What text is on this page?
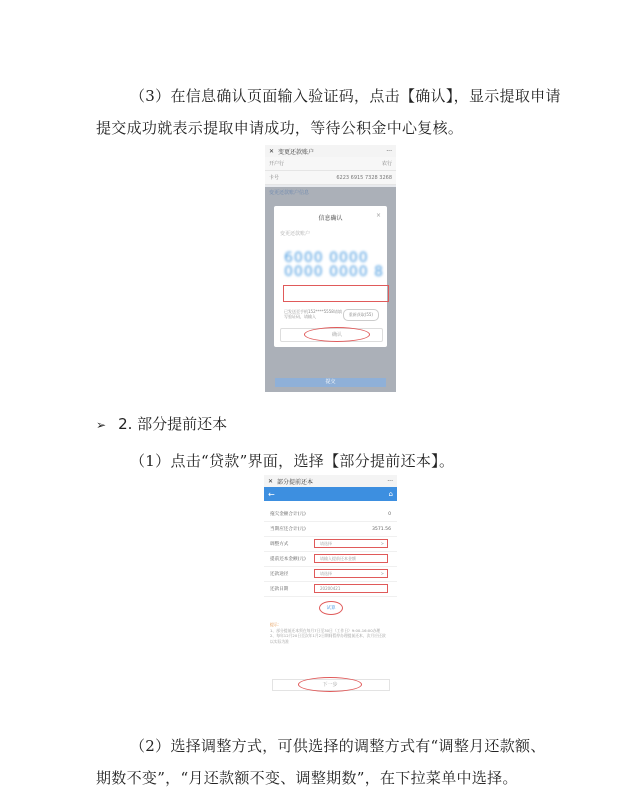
（3）在信息确认页面输入验证码，点击【确认】，显示提取申请
提交成功就表示提取申请成功，等待公积金中心复核。
✕ 变更还款账户	···
开户行	农行
卡号	6223 6915 7328 3268
信息确认	×
变更还款账户
6000 0000 0000 0000 8
已发送至手机152****5558请填写验证码，请输入	重新获取(55)
确认
提交
➢ 2. 部分提前还本
（1）点击“贷款”界面，选择【部分提前还本】。
✕ 部分提前还本	···
←	⌂
拖欠金额合计(元)	0
当期应还合计(元)	3571.56
调整方式	请选择	>
提前还本金额(元)	请输入提前还本金额
还款途径	请选择	>
还款日期	20200421
试算
提示：
1、部分提前还本须在每月7日至30日（工作日）9:00-16:00办理
2、每年12月20日至次年1月2日期间暂停办理提前还本，次月应还款以实际为准
下一步
（2）选择调整方式，可供选择的调整方式有“调整月还款额、
期数不变”，“月还款额不变、调整期数”，在下拉菜单中选择。
